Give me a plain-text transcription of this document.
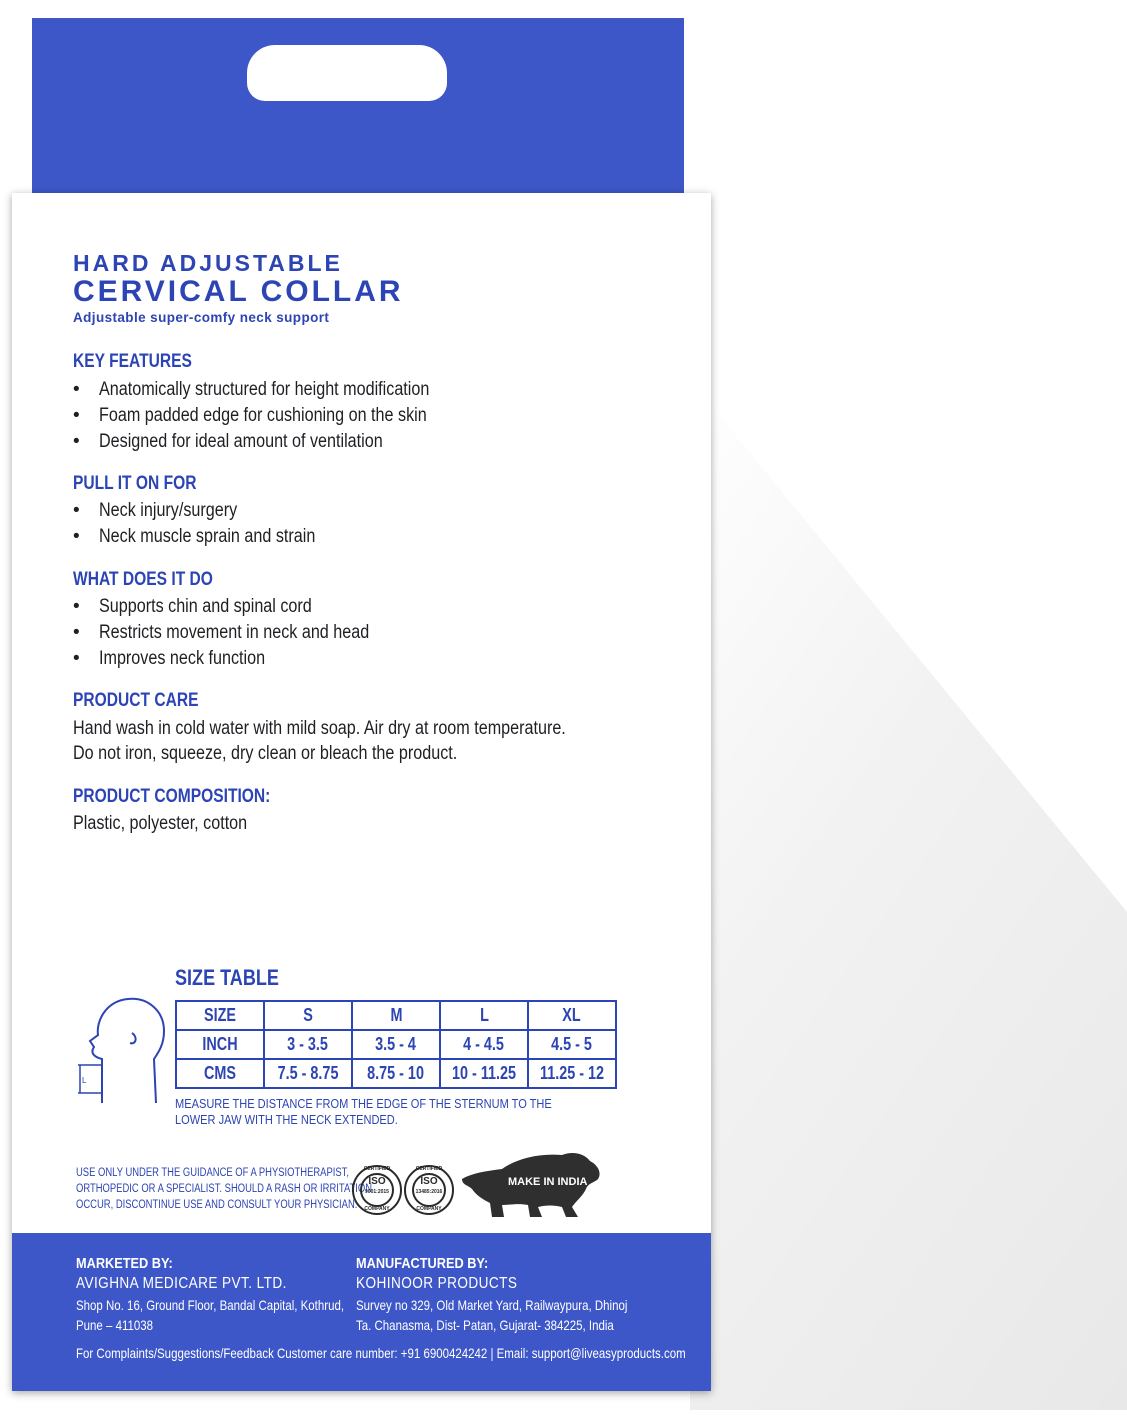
HARD ADJUSTABLE
CERVICAL COLLAR
Adjustable super-comfy neck support
KEY FEATURES
• Anatomically structured for height modification
• Foam padded edge for cushioning on the skin
• Designed for ideal amount of ventilation
PULL IT ON FOR
• Neck injury/surgery
• Neck muscle sprain and strain
WHAT DOES IT DO
• Supports chin and spinal cord
• Restricts movement in neck and head
• Improves neck function
PRODUCT CARE
Hand wash in cold water with mild soap. Air dry at room temperature.
Do not iron, squeeze, dry clean or bleach the product.
PRODUCT COMPOSITION:
Plastic, polyester, cotton
SIZE TABLE
L
SIZE	S	M	L	XL
INCH	3 - 3.5	3.5 - 4	4 - 4.5	4.5 - 5
CMS	7.5 - 8.75	8.75 - 10	10 - 11.25	11.25 - 12
MEASURE THE DISTANCE FROM THE EDGE OF THE STERNUM TO THE
LOWER JAW WITH THE NECK EXTENDED.
USE ONLY UNDER THE GUIDANCE OF A PHYSIOTHERAPIST,
ORTHOPEDIC OR A SPECIALIST. SHOULD A RASH OR IRRITATION
OCCUR, DISCONTINUE USE AND CONSULT YOUR PHYSICIAN.
CERTIFIED
ISO
9001:2015
COMPANY
CERTIFIED
ISO
13485:2016
COMPANY
MAKE IN INDIA
MARKETED BY:
AVIGHNA MEDICARE PVT. LTD.
Shop No. 16, Ground Floor, Bandal Capital, Kothrud,
Pune – 411038
MANUFACTURED BY:
KOHINOOR PRODUCTS
Survey no 329, Old Market Yard, Railwaypura, Dhinoj
Ta. Chanasma, Dist- Patan, Gujarat- 384225, India
For Complaints/Suggestions/Feedback Customer care number: +91 6900424242 | Email: support@liveasyproducts.com
